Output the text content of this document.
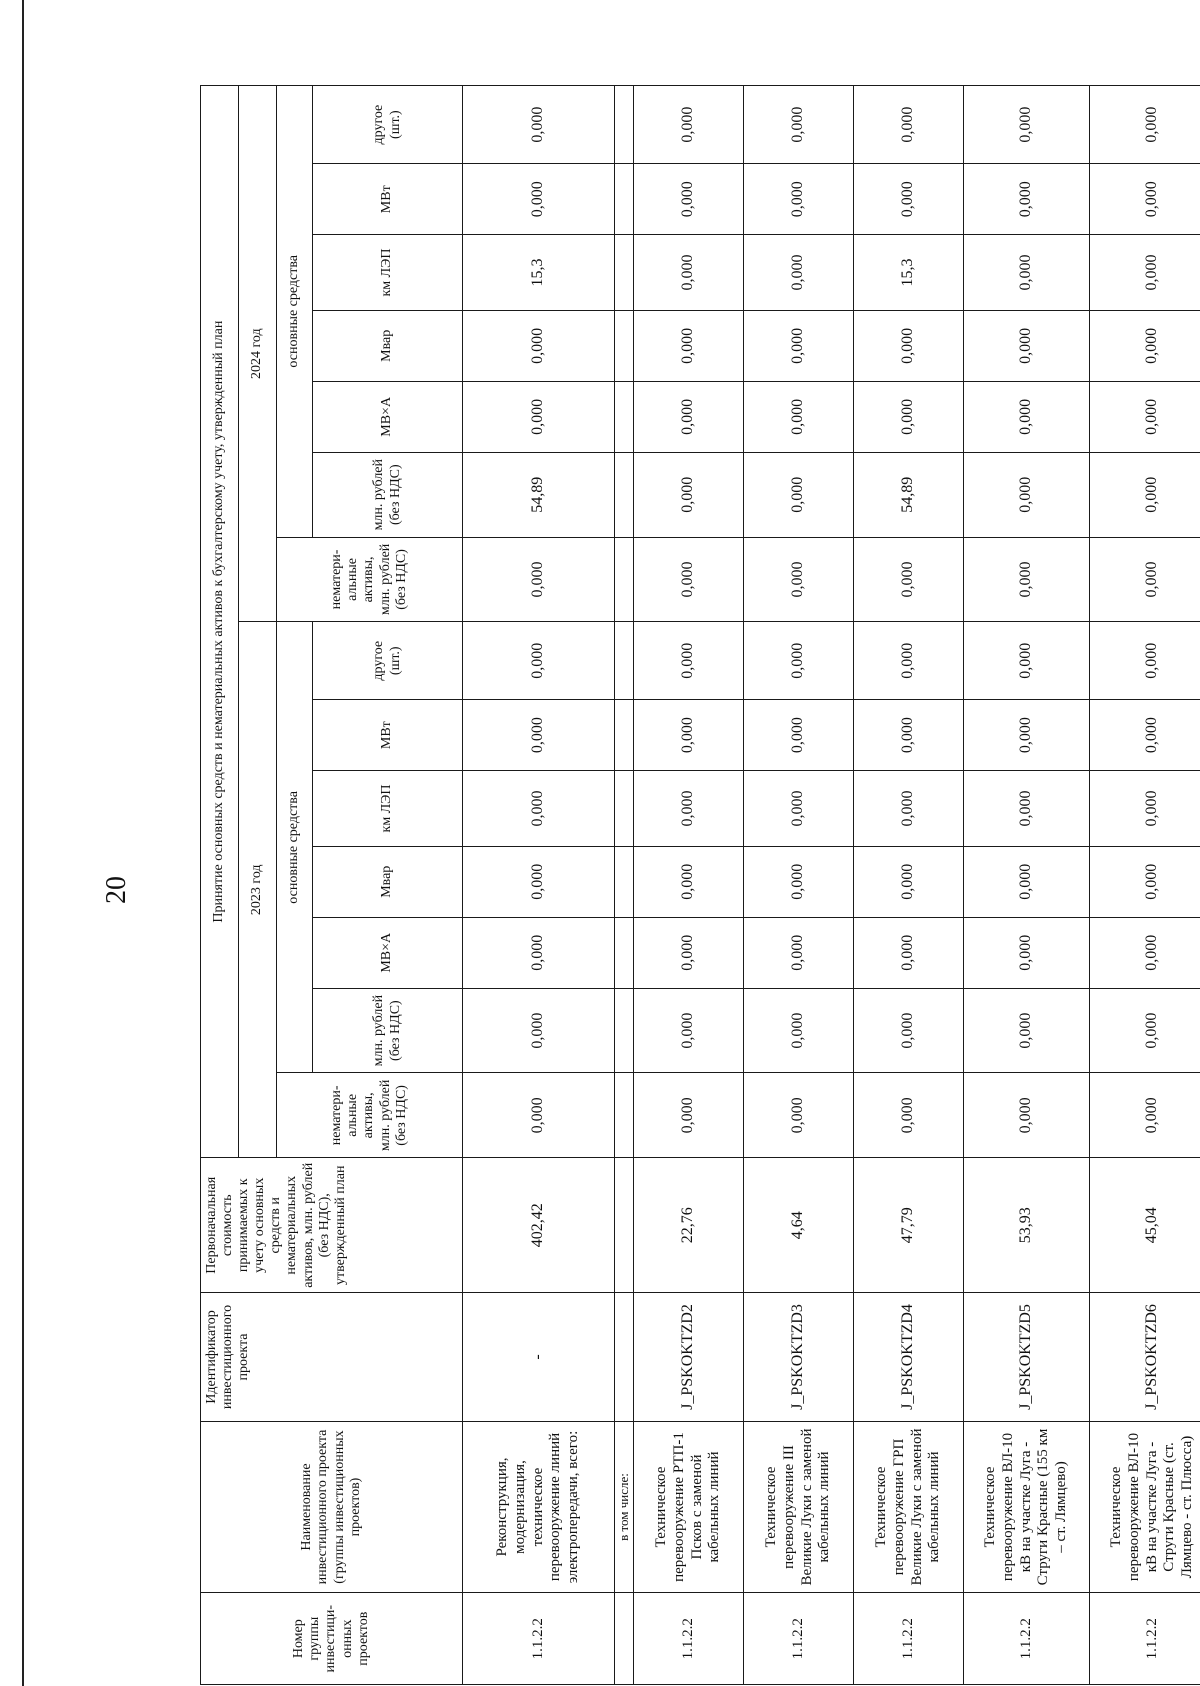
20
Номер группы инвестици-онных проектов	Наименование инвестиционного проекта (группы инвестиционных проектов)	Идентификатор инвестиционного проекта	Первоначальная стоимость принимаемых к учету основных средств и нематериальных активов, млн. рублей (без НДС), утвержденный план	Принятие основных средств и нематериальных активов к бухгалтерскому учету, утвержденный план													
				2023 год							2024 год						
				нематери-альные активы, млн. рублей (без НДС)	основные средства						нематери-альные активы, млн. рублей (без НДС)	основные средства					
					млн. рублей (без НДС)	МВ×А	Мвар	км ЛЭП	МВт	другое (шт.)		млн. рублей (без НДС)	МВ×А	Мвар	км ЛЭП	МВт	другое (шт.)
1.1.2.2	Реконструкция, модернизация, техническое перевооружение линий электропередачи, всего:	-	402,42	0,000	0,000	0,000	0,000	0,000	0,000	0,000	0,000	54,89	0,000	0,000	15,3	0,000	0,000
	в том числе:																
1.1.2.2	Техническое перевооружение РТП-1 Псков с заменой кабельных линий	J_PSKOKTZD2	22,76	0,000	0,000	0,000	0,000	0,000	0,000	0,000	0,000	0,000	0,000	0,000	0,000	0,000	0,000
1.1.2.2	Техническое перевооружение III Великие Луки с заменой кабельных линий	J_PSKOKTZD3	4,64	0,000	0,000	0,000	0,000	0,000	0,000	0,000	0,000	0,000	0,000	0,000	0,000	0,000	0,000
1.1.2.2	Техническое перевооружение ГРП Великие Луки с заменой кабельных линий	J_PSKOKTZD4	47,79	0,000	0,000	0,000	0,000	0,000	0,000	0,000	0,000	54,89	0,000	0,000	15,3	0,000	0,000
1.1.2.2	Техническое перевооружение ВЛ-10 кВ на участке Луга - Струги Красные (155 км – ст. Лямцево)	J_PSKOKTZD5	53,93	0,000	0,000	0,000	0,000	0,000	0,000	0,000	0,000	0,000	0,000	0,000	0,000	0,000	0,000
1.1.2.2	Техническое перевооружение ВЛ-10 кВ на участке Луга - Струги Красные (ст. Лямцево - ст. Плюсса)	J_PSKOKTZD6	45,04	0,000	0,000	0,000	0,000	0,000	0,000	0,000	0,000	0,000	0,000	0,000	0,000	0,000	0,000
